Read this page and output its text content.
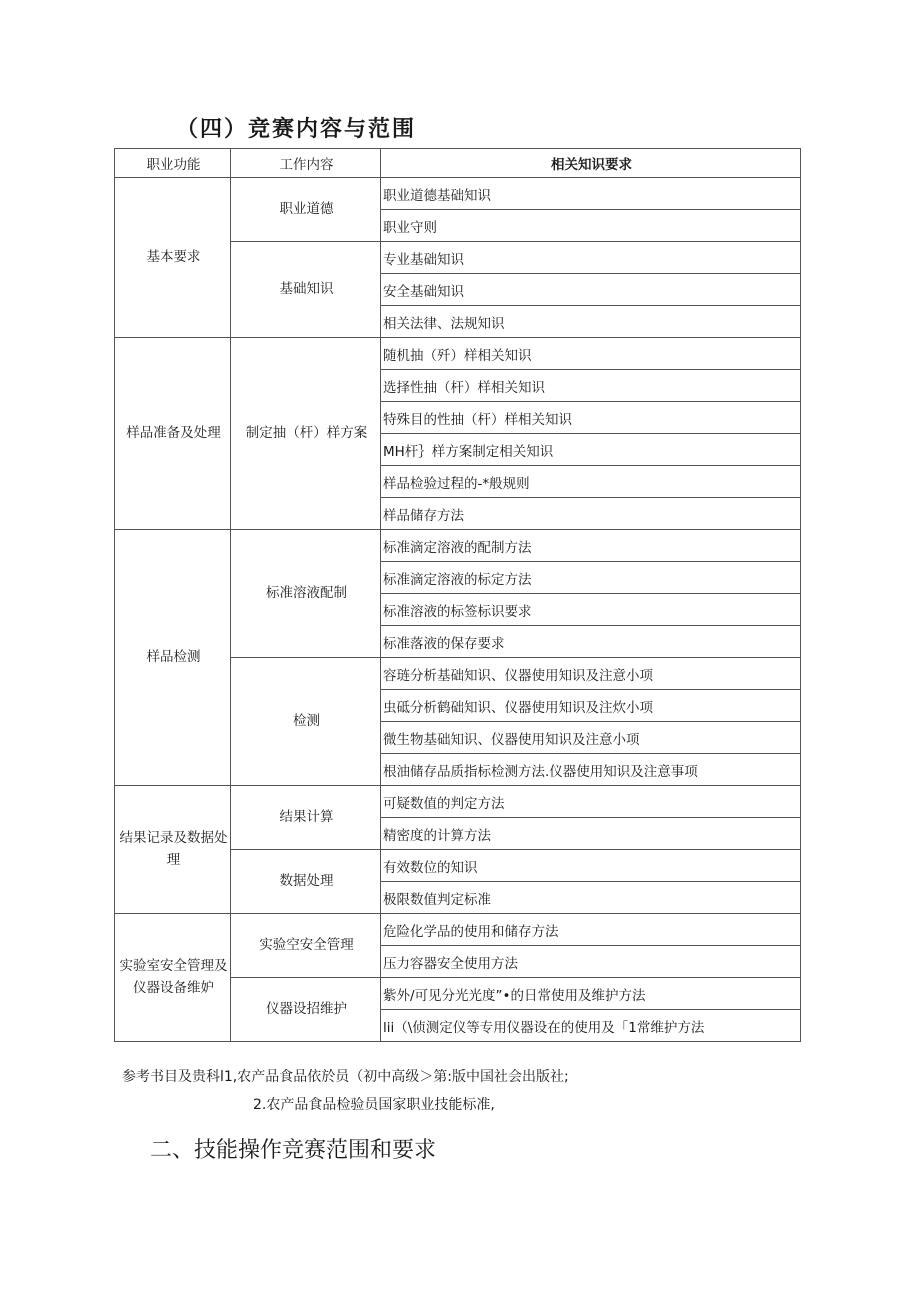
（四）竞赛内容与范围
职业功能	工作内容	相关知识要求
基本要求	职业道德	职业道德基础知识
		职业守则
	基础知识	专业基础知识
		安全基础知识
		相关法律、法规知识
样品准备及处理	制定抽（杆）样方案	随机抽（歼）样相关知识
		选择性抽（杆）样相关知识
		特殊目的性抽（杆）样相关知识
		MH杆｝样方案制定相关知识
		样品检验过程的-*般规则
		样品储存方法
样品检测	标准溶液配制	标准滴定溶液的配制方法
		标准滴定溶液的标定方法
		标准溶液的标签标识要求
		标准落液的保存要求
	检测	容琏分析基础知识、仪器使用知识及注意小项
		虫砥分析鹤础知识、仪器使用知识及注炊小项
		微生物基础知识、仪器使用知识及注意小项
		根油储存品质指标检测方法.仪器使用知识及注意事项
结果记录及数据处理	结果计算	可疑数值的判定方法
		精密度的计算方法
	数据处理	有效数位的知识
		极限数值判定标准
实验室安全管理及仪器设备维妒	实验空安全管理	危险化学品的使用和储存方法
		压力容器安全使用方法
	仪器设招维护	紫外/可见分光光度”•的日常使用及维护方法
		lii（\侦测定仪等专用仪器设在的使用及「1常维护方法
参考书目及贵科l1,农产品食品依於员（初中高级＞第:版中国社会出版社;
2.农产品食品检验员国家职业技能标准,
二、技能操作竞赛范围和要求
